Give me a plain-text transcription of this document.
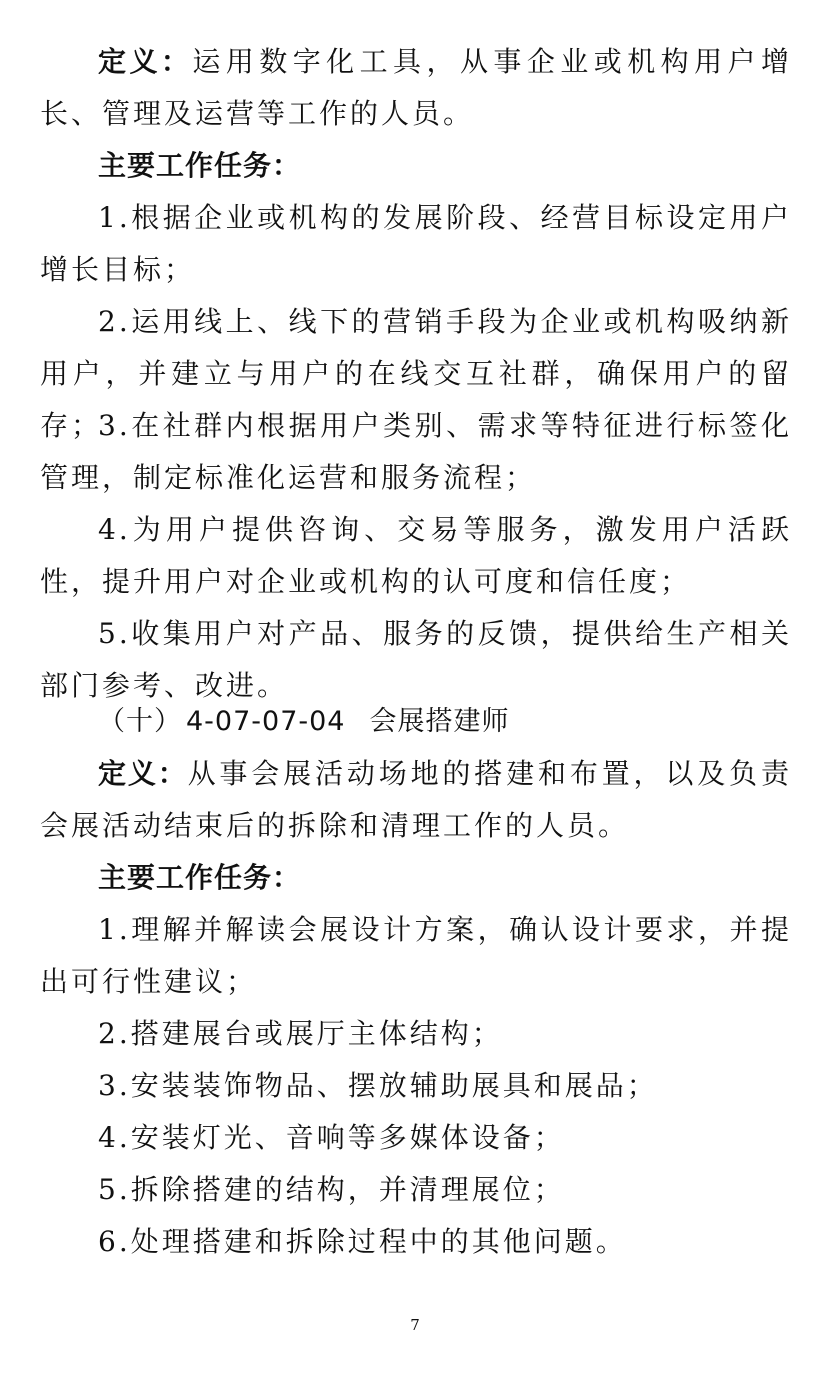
定义：运用数字化工具，从事企业或机构用户增长、管理及运营等工作的人员。

主要工作任务：

1.根据企业或机构的发展阶段、经营目标设定用户增长目标；

2.运用线上、线下的营销手段为企业或机构吸纳新用户，并建立与用户的在线交互社群，确保用户的留存；

3.在社群内根据用户类别、需求等特征进行标签化管理，制定标准化运营和服务流程；

4.为用户提供咨询、交易等服务，激发用户活跃性，提升用户对企业或机构的认可度和信任度；

5.收集用户对产品、服务的反馈，提供给生产相关部门参考、改进。

（十） 4-07-07-04 会展搭建师

定义：从事会展活动场地的搭建和布置，以及负责会展活动结束后的拆除和清理工作的人员。

主要工作任务：

1.理解并解读会展设计方案，确认设计要求，并提出可行性建议；

2.搭建展台或展厅主体结构；

3.安装装饰物品、摆放辅助展具和展品；

4.安装灯光、音响等多媒体设备；

5.拆除搭建的结构，并清理展位；

6.处理搭建和拆除过程中的其他问题。

7
